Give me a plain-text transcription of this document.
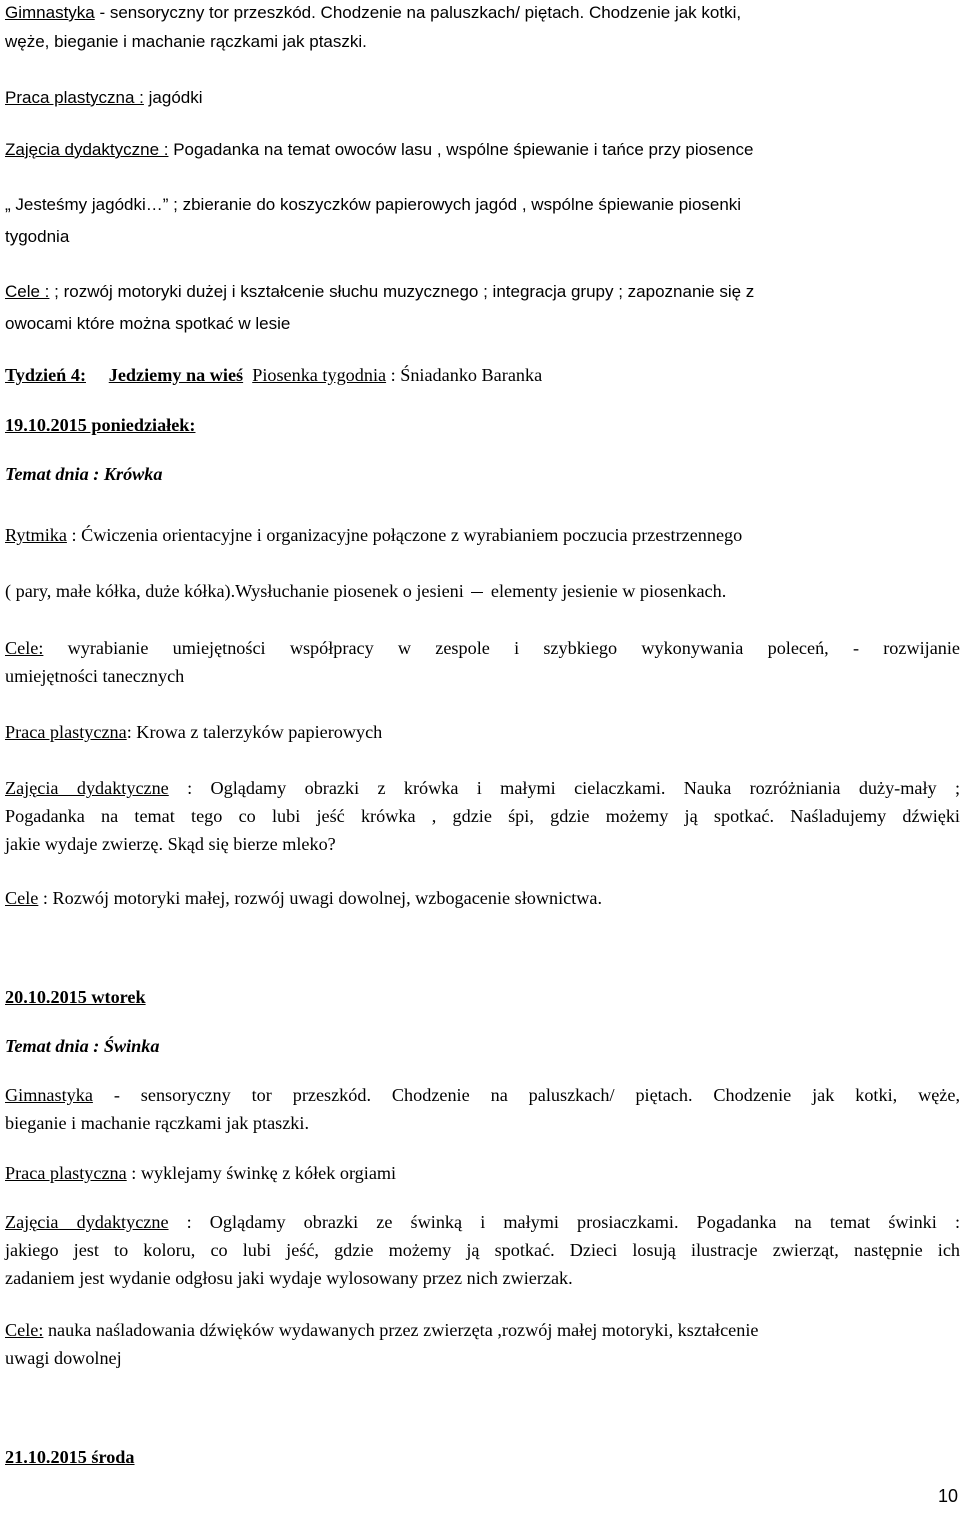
Gimnastyka - sensoryczny tor przeszkód. Chodzenie na paluszkach/ piętach. Chodzenie jak kotki,

węże, bieganie i machanie rączkami jak ptaszki.

Praca plastyczna : jagódki

Zajęcia dydaktyczne : Pogadanka na temat owoców lasu , wspólne śpiewanie i tańce przy piosence

„ Jesteśmy jagódki…” ; zbieranie do koszyczków papierowych jagód , wspólne śpiewanie piosenki

tygodnia

Cele : ; rozwój motoryki dużej i kształcenie słuchu muzycznego ; integracja grupy ; zapoznanie się z

owocami które można spotkać w lesie

Tydzień 4: Jedziemy na wieś Piosenka tygodnia : Śniadanko Baranka

19.10.2015 poniedziałek:

Temat dnia : Krówka

Rytmika : Ćwiczenia orientacyjne i organizacyjne połączone z wyrabianiem poczucia przestrzennego

( pary, małe kółka, duże kółka).Wysłuchanie piosenek o jesieni  elementy jesienie w piosenkach.

Cele: wyrabianie umiejętności współpracy w zespole i szybkiego wykonywania poleceń, - rozwijanie
umiejętności tanecznych

Praca plastyczna: Krowa z talerzyków papierowych

Zajęcia dydaktyczne : Oglądamy obrazki z krówka i małymi cielaczkami. Nauka rozróżniania duży-mały ;
Pogadanka na temat tego co lubi jeść krówka , gdzie śpi, gdzie możemy ją spotkać. Naśladujemy dźwięki
jakie wydaje zwierzę. Skąd się bierze mleko?

Cele : Rozwój motoryki małej, rozwój uwagi dowolnej, wzbogacenie słownictwa.

20.10.2015 wtorek

Temat dnia : Świnka

Gimnastyka - sensoryczny tor przeszkód. Chodzenie na paluszkach/ piętach. Chodzenie jak kotki, węże,
bieganie i machanie rączkami jak ptaszki.

Praca plastyczna : wyklejamy świnkę z kółek orgiami

Zajęcia dydaktyczne : Oglądamy obrazki ze świnką i małymi prosiaczkami. Pogadanka na temat świnki :
jakiego jest to koloru, co lubi jeść, gdzie możemy ją spotkać. Dzieci losują ilustracje zwierząt, następnie ich
zadaniem jest wydanie odgłosu jaki wydaje wylosowany przez nich zwierzak.
Cele: nauka naśladowania dźwięków wydawanych przez zwierzęta ,rozwój małej motoryki, kształcenie
uwagi dowolnej

21.10.2015 środa

10
